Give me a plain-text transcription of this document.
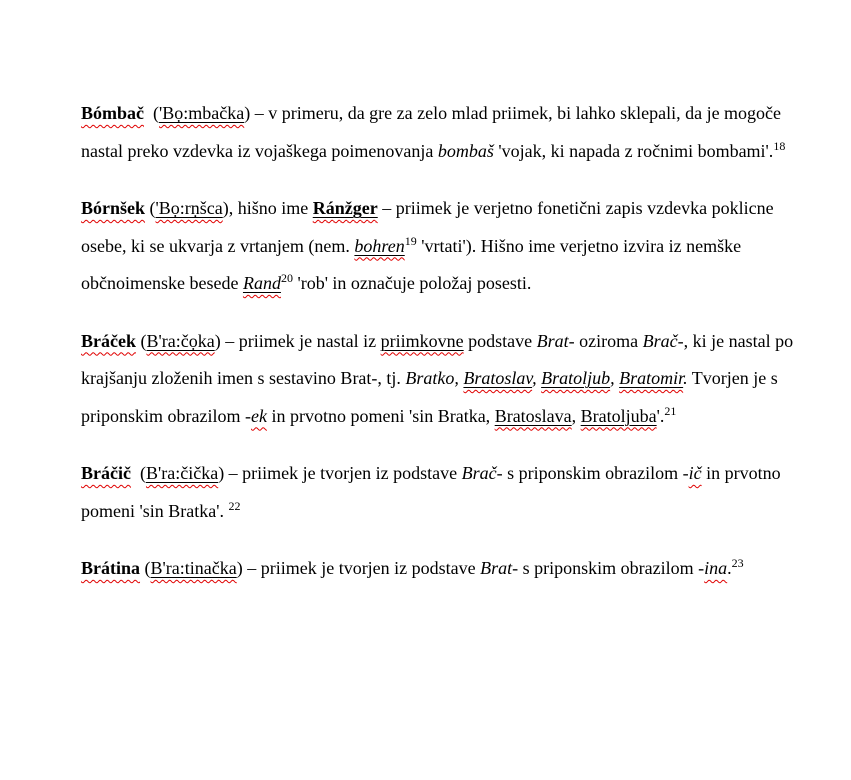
Bómbač  ('Bọ:mbačka) – v primeru, da gre za zelo mlad priimek, bi lahko sklepali, da je mogoče nastal preko vzdevka iz vojaškega poimenovanja bombaš 'vojak, ki napada z ročnimi bombami'.$^{18}$

Bórnšek ('Bọ:rṇšca), hišno ime Ránžger – priimek je verjetno fonetični zapis vzdevka poklicne osebe, ki se ukvarja z vrtanjem (nem. bohren$^{19}$ 'vrtati'). Hišno ime verjetno izvira iz nemške občnoimenske besede Rand$^{20}$ 'rob' in označuje položaj posesti.

Bráček (B'ra:čọka) – priimek je nastal iz priimkovne podstave Brat- oziroma Brač-, ki je nastal po krajšanju zloženih imen s sestavino Brat-, tj. Bratko, Bratoslav, Bratoljub, Bratomir. Tvorjen je s priponskim obrazilom -ek in prvotno pomeni 'sin Bratka, Bratoslava, Bratoljuba'.$^{21}$

Bráčič  (B'ra:čička) – priimek je tvorjen iz podstave Brač- s priponskim obrazilom -ič in prvotno pomeni 'sin Bratka'. $^{22}$

Brátina (B'ra:tinačka) – priimek je tvorjen iz podstave Brat- s priponskim obrazilom -ina.$^{23}$
